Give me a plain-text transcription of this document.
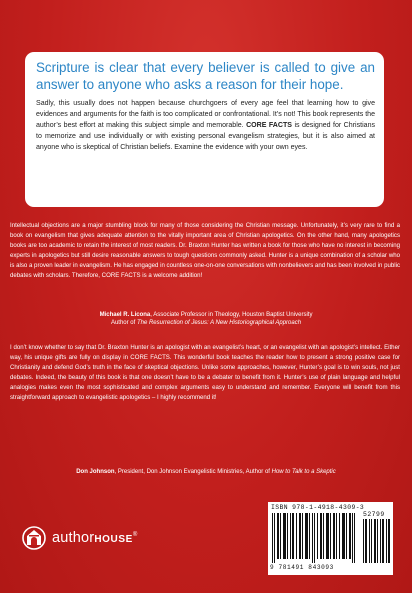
Scripture is clear that every believer is called to give an answer to anyone who asks a reason for their hope.

Sadly, this usually does not happen because churchgoers of every age feel that learning how to give evidences and arguments for the faith is too complicated or confrontational. It’s not! This book represents the author’s best effort at making this subject simple and memorable. CORE FACTS is designed for Christians to memorize and use individually or with existing personal evangelism strategies, but it is also aimed at anyone who is skeptical of Christian beliefs. Examine the evidence with your own eyes.

Intellectual objections are a major stumbling block for many of those considering the Christian message. Unfortunately, it’s very rare to find a book on evangelism that gives adequate attention to the vitally important area of Christian apologetics. On the other hand, many apologetics books are too academic to retain the interest of most readers. Dr. Braxton Hunter has written a book for those who have no interest in becoming experts in apologetics but still desire reasonable answers to tough questions commonly asked. Hunter is a unique combination of a scholar who is also a proven leader in evangelism. He has engaged in countless one-on-one conversations with nonbelievers and has been involved in public debates with scholars. Therefore, CORE FACTS is a welcome addition!

Michael R. Licona, Associate Professor in Theology, Houston Baptist University

Author of The Resurrection of Jesus: A New Historiographical Approach

I don’t know whether to say that Dr. Braxton Hunter is an apologist with an evangelist’s heart, or an evangelist with an apologist’s intellect. Either way, his unique gifts are fully on display in CORE FACTS. This wonderful book teaches the reader how to present a strong positive case for Christianity and defend God’s truth in the face of skeptical objections. Unlike some approaches, however, Hunter’s goal is to win souls, not just debates. Indeed, the beauty of this book is that one doesn’t have to be a debater to benefit from it. Hunter’s use of plain language and helpful analogies makes even the most sophisticated and complex arguments easy to understand and remember. Everyone will benefit from this straightforward approach to evangelistic apologetics – I highly recommend it!

Don Johnson, President, Don Johnson Evangelistic Ministries, Author of How to Talk to a Skeptic

authorHOUSE®
ISBN 978-1-4918-4309-3
52799
9 781491 843093
